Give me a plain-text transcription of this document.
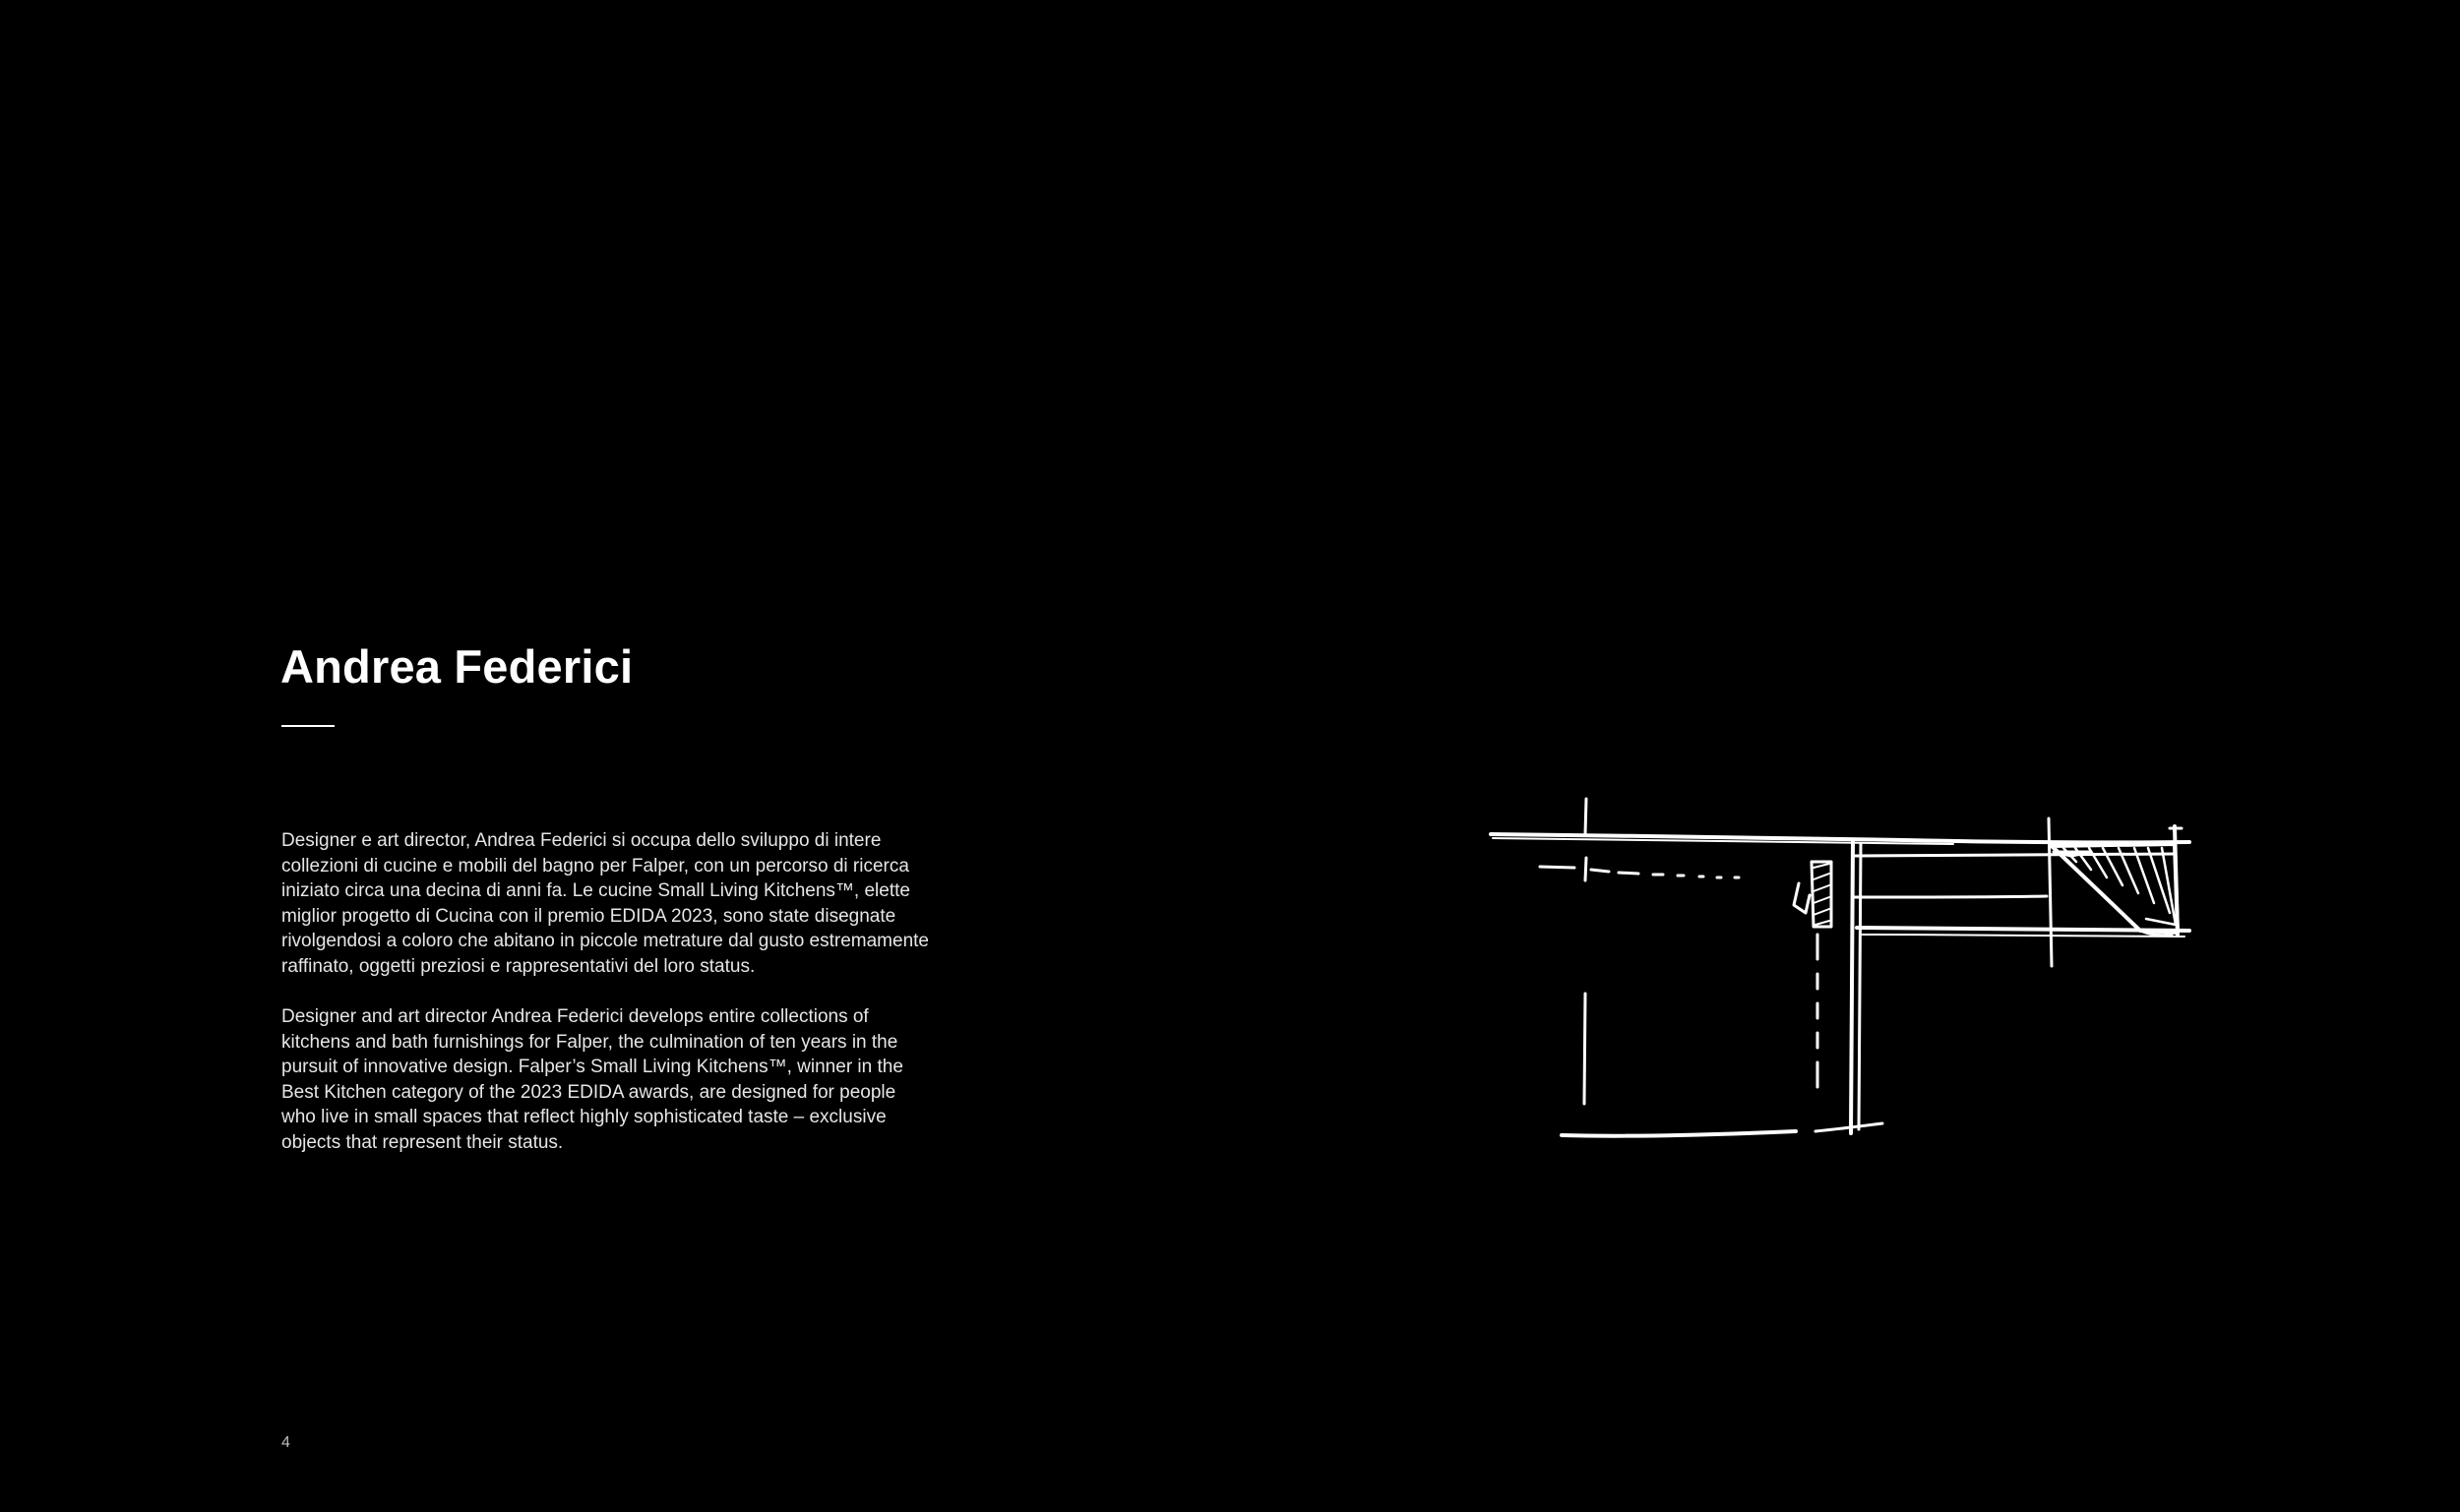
Andrea Federici

Designer e art director, Andrea Federici si occupa dello sviluppo di intere
collezioni di cucine e mobili del bagno per Falper, con un percorso di ricerca
iniziato circa una decina di anni fa. Le cucine Small Living Kitchens™, elette
miglior progetto di Cucina con il premio EDIDA 2023, sono state disegnate
rivolgendosi a coloro che abitano in piccole metrature dal gusto estremamente
raffinato, oggetti preziosi e rappresentativi del loro status.

Designer and art director Andrea Federici develops entire collections of
kitchens and bath furnishings for Falper, the culmination of ten years in the
pursuit of innovative design. Falper’s Small Living Kitchens™, winner in the
Best Kitchen category of the 2023 EDIDA awards, are designed for people
who live in small spaces that reflect highly sophisticated taste – exclusive
objects that represent their status.

4
